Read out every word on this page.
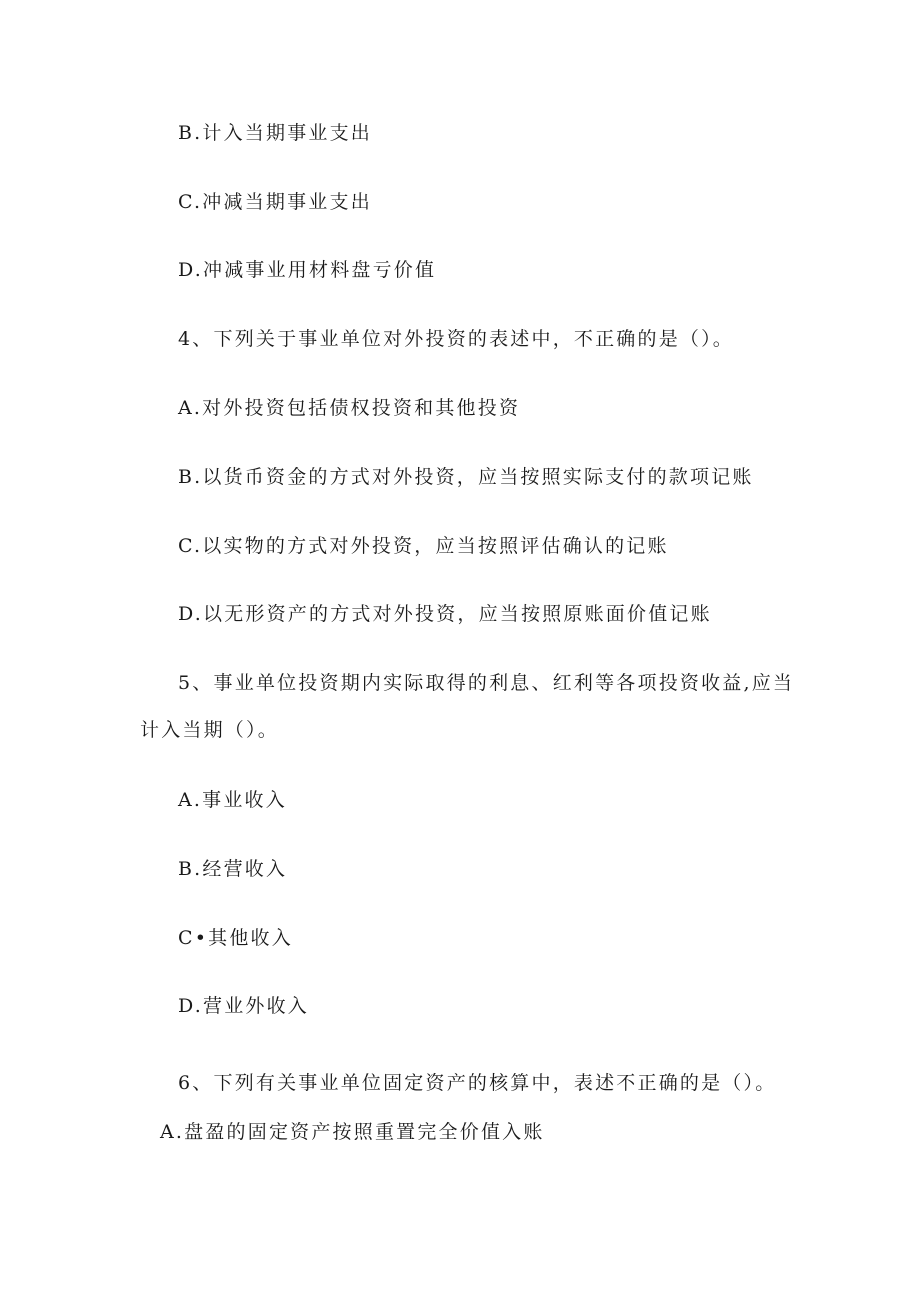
B.计入当期事业支出
C.冲减当期事业支出
D.冲减事业用材料盘亏价值
4、下列关于事业单位对外投资的表述中，不正确的是（）。
A.对外投资包括债权投资和其他投资
B.以货币资金的方式对外投资，应当按照实际支付的款项记账
C.以实物的方式对外投资，应当按照评估确认的记账
D.以无形资产的方式对外投资，应当按照原账面价值记账
5、事业单位投资期内实际取得的利息、红利等各项投资收益,应当
计入当期（）。
A.事业收入
B.经营收入
C•其他收入
D.营业外收入
6、下列有关事业单位固定资产的核算中，表述不正确的是（）。
A.盘盈的固定资产按照重置完全价值入账
